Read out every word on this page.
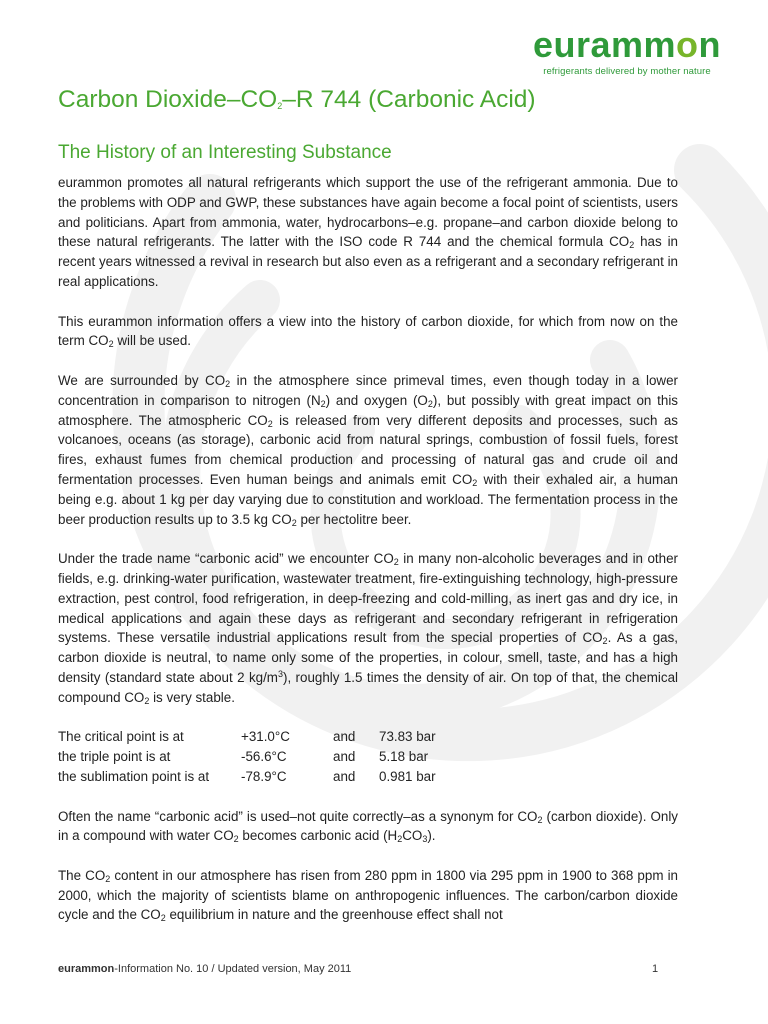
eurammon
refrigerants delivered by mother nature
Carbon Dioxide–$CO_2-R$ 744 (Carbonic Acid)
The History of an Interesting Substance

eurammon promotes all natural refrigerants which support the use of the refrigerant ammonia. Due to the problems with ODP and GWP, these substances have again become a focal point of scientists, users and politicians. Apart from ammonia, water, hydrocarbons–e.g. propane–and carbon dioxide belong to these natural refrigerants. The latter with the ISO code R 744 and the chemical formula $CO_2$ has in recent years witnessed a revival in research but also even as a refrigerant and a secondary refrigerant in real applications.

This eurammon information offers a view into the history of carbon dioxide, for which from now on the term $CO_2$ will be used.

We are surrounded by $CO_2$ in the atmosphere since primeval times, even though today in a lower concentration in comparison to nitrogen $(N_2)$ and oxygen $(O_2)$, but possibly with great impact on this atmosphere. The atmospheric $CO_2$ is released from very different deposits and processes, such as volcanoes, oceans (as storage), carbonic acid from natural springs, combustion of fossil fuels, forest fires, exhaust fumes from chemical production and processing of natural gas and crude oil and fermentation processes. Even human beings and animals emit $CO_2$ with their exhaled air, a human being e.g. about 1 kg per day varying due to constitution and workload. The fermentation process in the beer production results up to 3.5 kg $CO_2$ per hectolitre beer.

Under the trade name “carbonic acid” we encounter $CO_2$ in many non-alcoholic beverages and in other fields, e.g. drinking-water purification, wastewater treatment, fire-extinguishing technology, high-pressure extraction, pest control, food refrigeration, in deep-freezing and cold-milling, as inert gas and dry ice, in medical applications and again these days as refrigerant and secondary refrigerant in refrigeration systems. These versatile industrial applications result from the special properties of $CO_2$. As a gas, carbon dioxide is neutral, to name only some of the properties, in colour, smell, taste, and has a high density (standard state about 2 $kg/m^3$), roughly 1.5 times the density of air. On top of that, the chemical compound $CO_2$ is very stable.

The critical point is at	+31.0°C	and	73.83 bar
the triple point is at	-56.6°C	and	5.18 bar
the sublimation point is at	-78.9°C	and	0.981 bar

Often the name “carbonic acid” is used–not quite correctly–as a synonym for $CO_2$ (carbon dioxide). Only in a compound with water $CO_2$ becomes carbonic acid $(H_2CO_3)$.

The $CO_2$ content in our atmosphere has risen from 280 ppm in 1800 via 295 ppm in 1900 to 368 ppm in 2000, which the majority of scientists blame on anthropogenic influences. The carbon/carbon dioxide cycle and the $CO_2$ equilibrium in nature and the greenhouse effect shall not

eurammon-Information No. 10 / Updated version, May 2011	1
